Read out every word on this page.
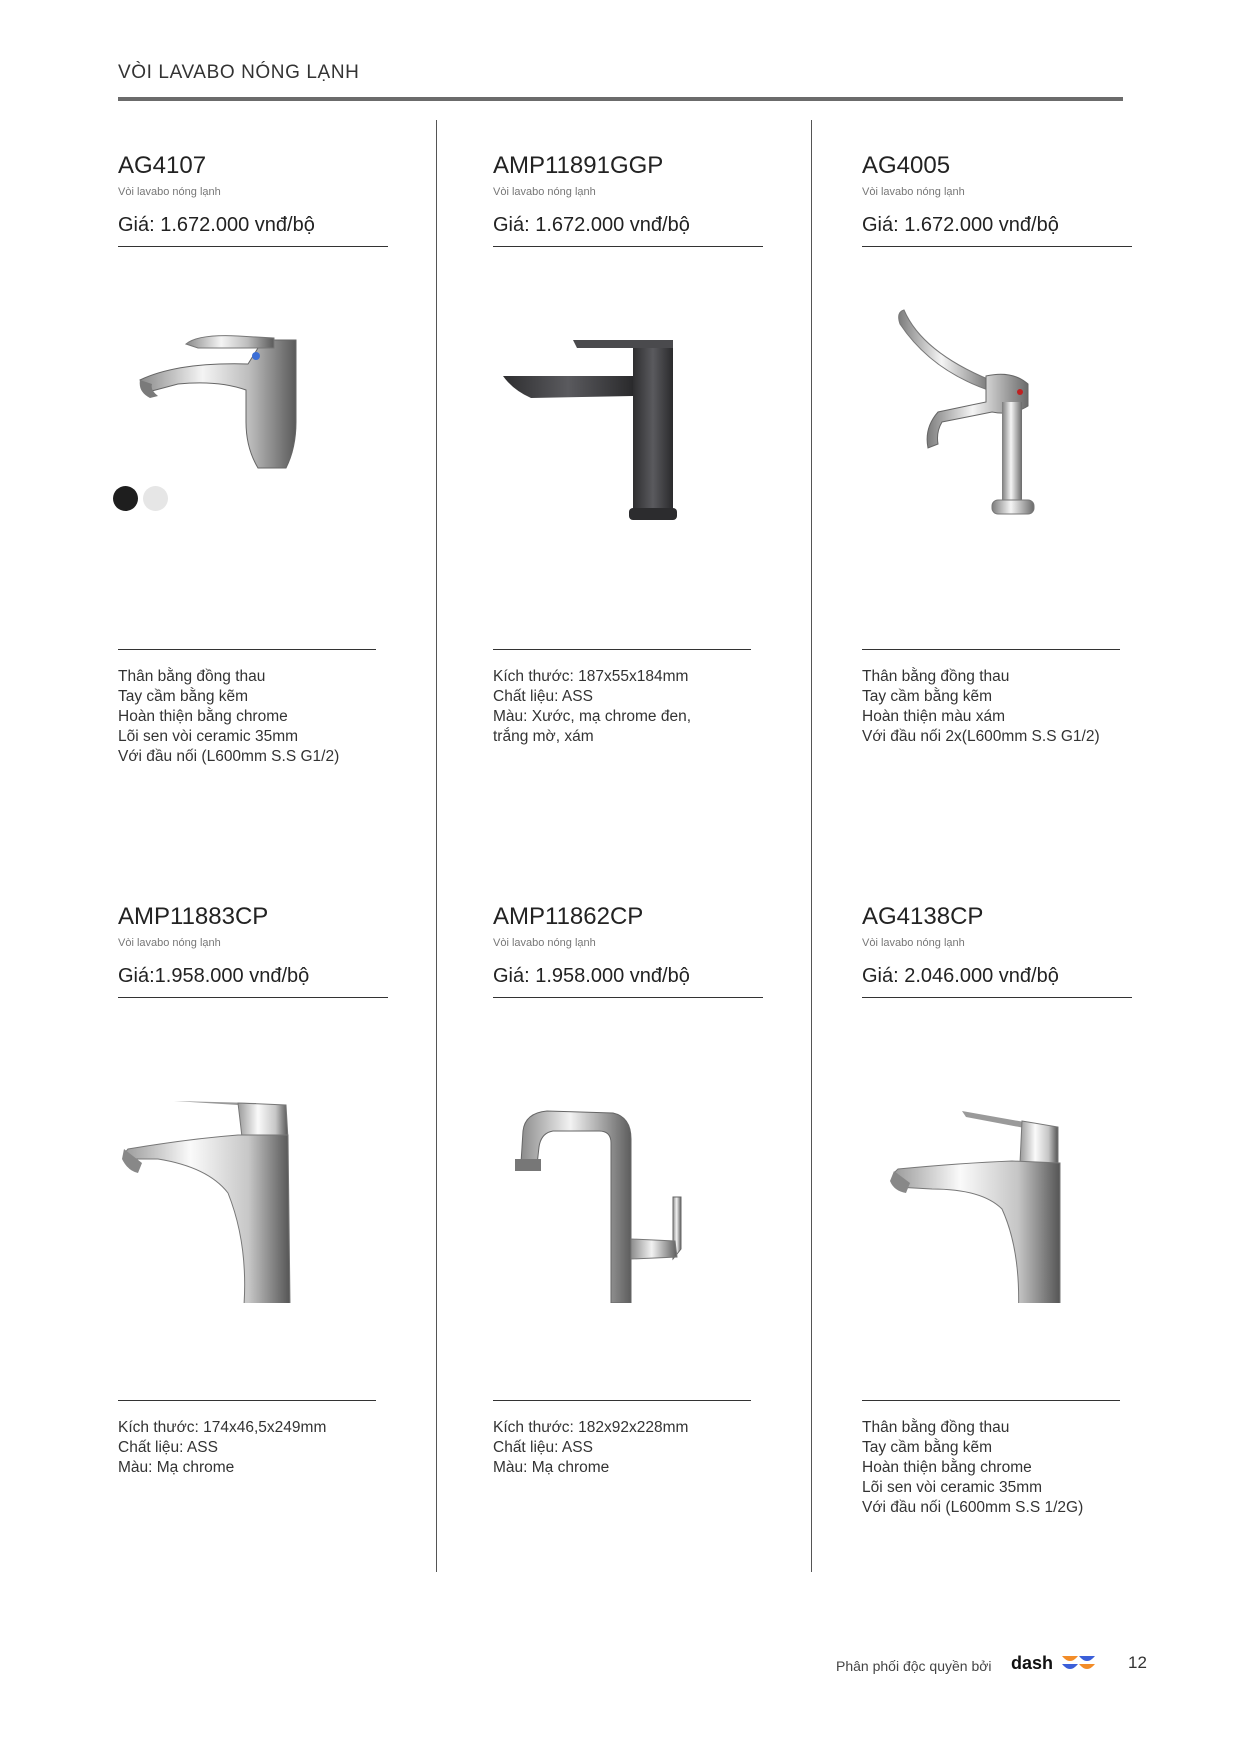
VÒI LAVABO NÓNG LẠNH
AG4107
Vòi lavabo nóng lạnh
Giá: 1.672.000 vnđ/bộ
Thân bằng đồng thau
Tay cầm bằng kẽm
Hoàn thiện bằng chrome
Lõi sen vòi ceramic 35mm
Với đầu nối (L600mm S.S G1/2)
AMP11891GGP
Vòi lavabo nóng lạnh
Giá: 1.672.000 vnđ/bộ
Kích thước: 187x55x184mm
Chất liệu: ASS
Màu: Xước, mạ chrome đen,
trắng mờ, xám
AG4005
Vòi lavabo nóng lạnh
Giá: 1.672.000 vnđ/bộ
Thân bằng đồng thau
Tay cầm bằng kẽm
Hoàn thiện màu xám
Với đầu nối 2x(L600mm S.S G1/2)
AMP11883CP
Vòi lavabo nóng lạnh
Giá:1.958.000 vnđ/bộ
Kích thước: 174x46,5x249mm
Chất liệu: ASS
Màu: Mạ chrome
AMP11862CP
Vòi lavabo nóng lạnh
Giá: 1.958.000 vnđ/bộ
Kích thước: 182x92x228mm
Chất liệu: ASS
Màu: Mạ chrome
AG4138CP
Vòi lavabo nóng lạnh
Giá: 2.046.000 vnđ/bộ
Thân bằng đồng thau
Tay cầm bằng kẽm
Hoàn thiện bằng chrome
Lõi sen vòi ceramic 35mm
Với đầu nối (L600mm S.S 1/2G)
Phân phối độc quyền bởi dash	12
